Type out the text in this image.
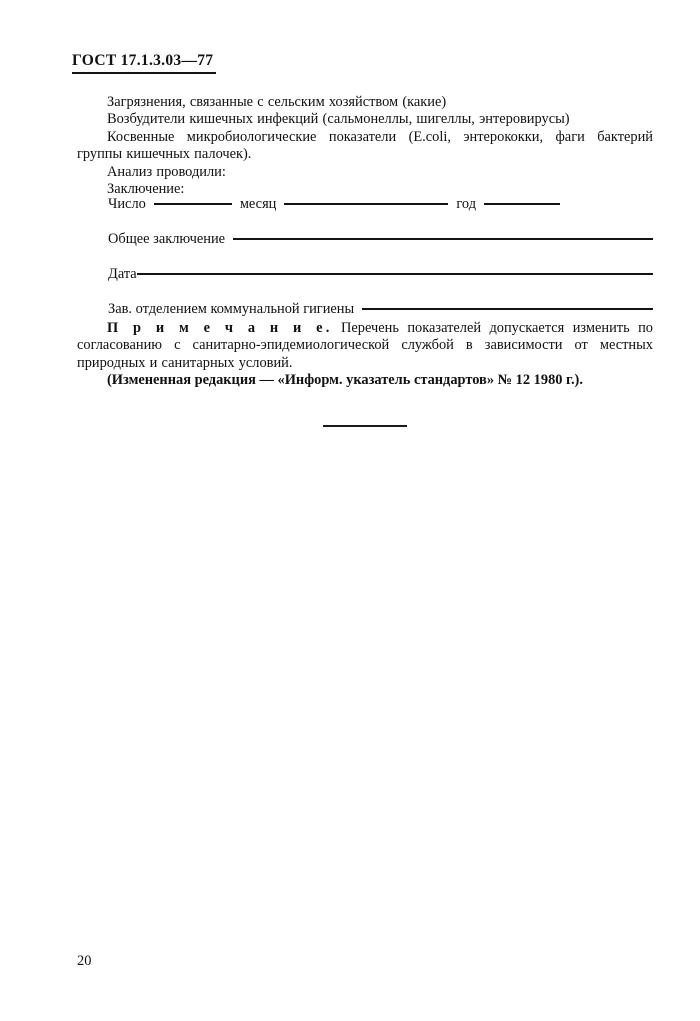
ГОСТ 17.1.3.03—77

Загрязнения, связанные с сельским хозяйством (какие)

Возбудители кишечных инфекций (сальмонеллы, шигеллы, энтеровирусы)

Косвенные микробиологические показатели (E.coli, энтерококки, фаги бактерий группы кишечных палочек).

Анализ проводили:

Заключение:

Число	месяц	год
Общее заключение
Дата
Зав. отделением коммунальной гигиены

П р и м е ч а н и е. Перечень показателей допускается изменить по согласованию с санитарно-эпидемиологической службой в зависимости от местных природных и санитарных условий.

(Измененная редакция — «Информ. указатель стандартов» № 12 1980 г.).

20
